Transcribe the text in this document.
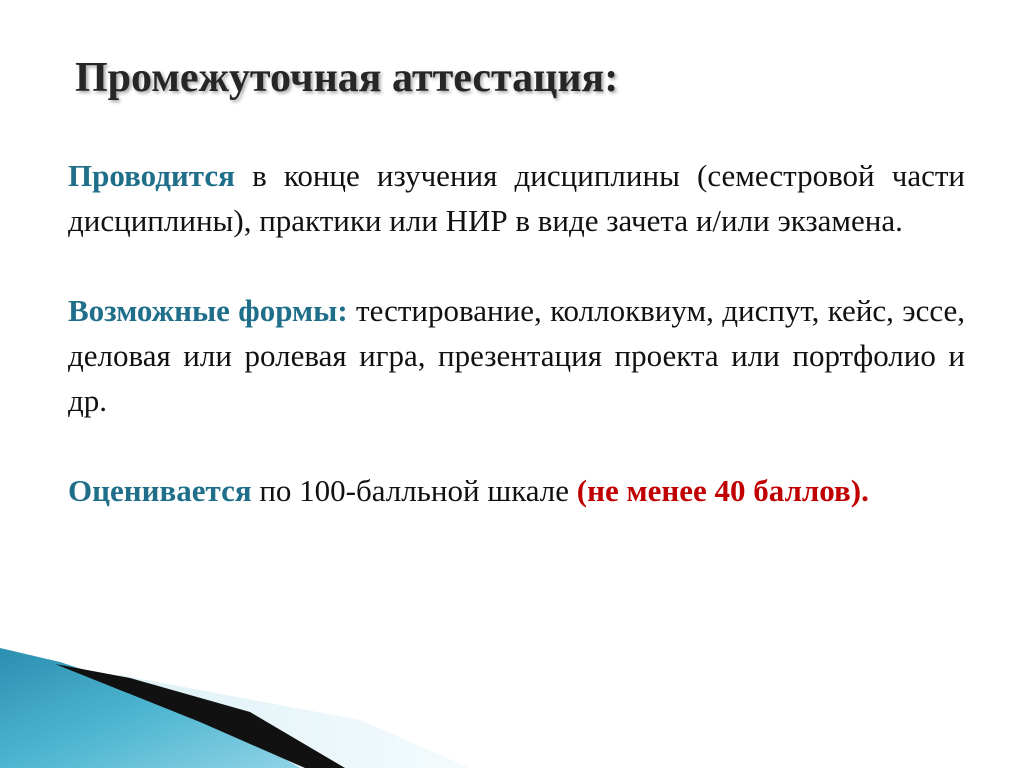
Промежуточная аттестация:

Проводится в конце изучения дисциплины (семестровой части дисциплины), практики или НИР в виде зачета и/или экзамена.

Возможные формы: тестирование, коллоквиум, диспут, кейс, эссе, деловая или ролевая игра, презентация проекта или портфолио и др.

Оценивается по 100-балльной шкале (не менее 40 баллов).
